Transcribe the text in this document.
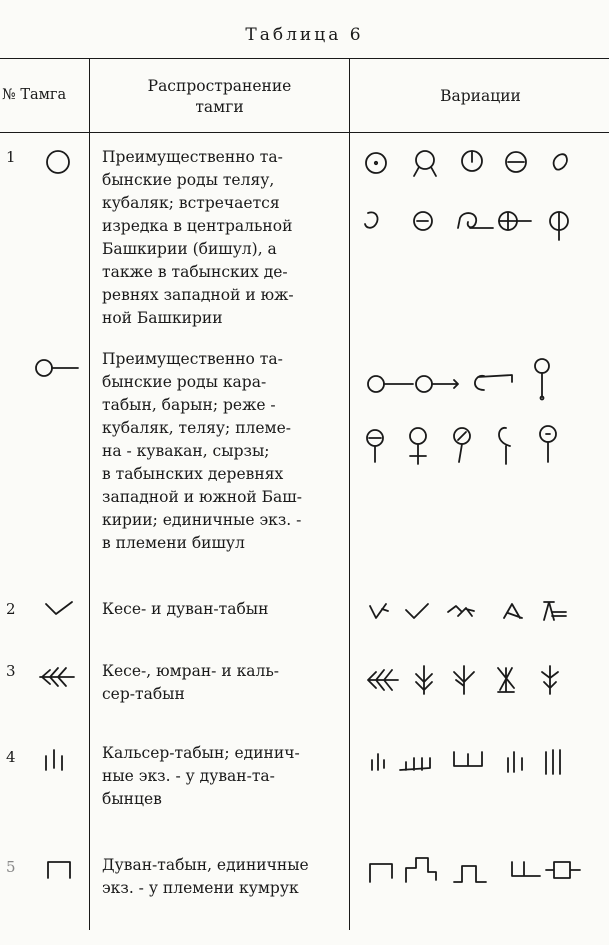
Таблица 6
№ Тамга	Распространение
тамги
Вариации
1	Преимущественно та-
бынские роды теляу,
кубаляк; встречается
изредка в центральной
Башкирии (бишул), а
также в табынских де-
ревнях западной и юж-
ной Башкирии
Преимущественно та-
бынские роды кара-
табын, барын; реже -
кубаляк, теляу; племе-
на - кувакан, сырзы;
в табынских деревнях
западной и южной Баш-
кирии; единичные экз. -
в племени бишул
2	Кесе- и дуван-табын
3	Кесе-, юмран- и каль-
сер-табын
4	Кальсер-табын; единич-
ные экз. - у дуван-та-
бынцев
5	Дуван-табын, единичные
экз. - у племени кумрук
